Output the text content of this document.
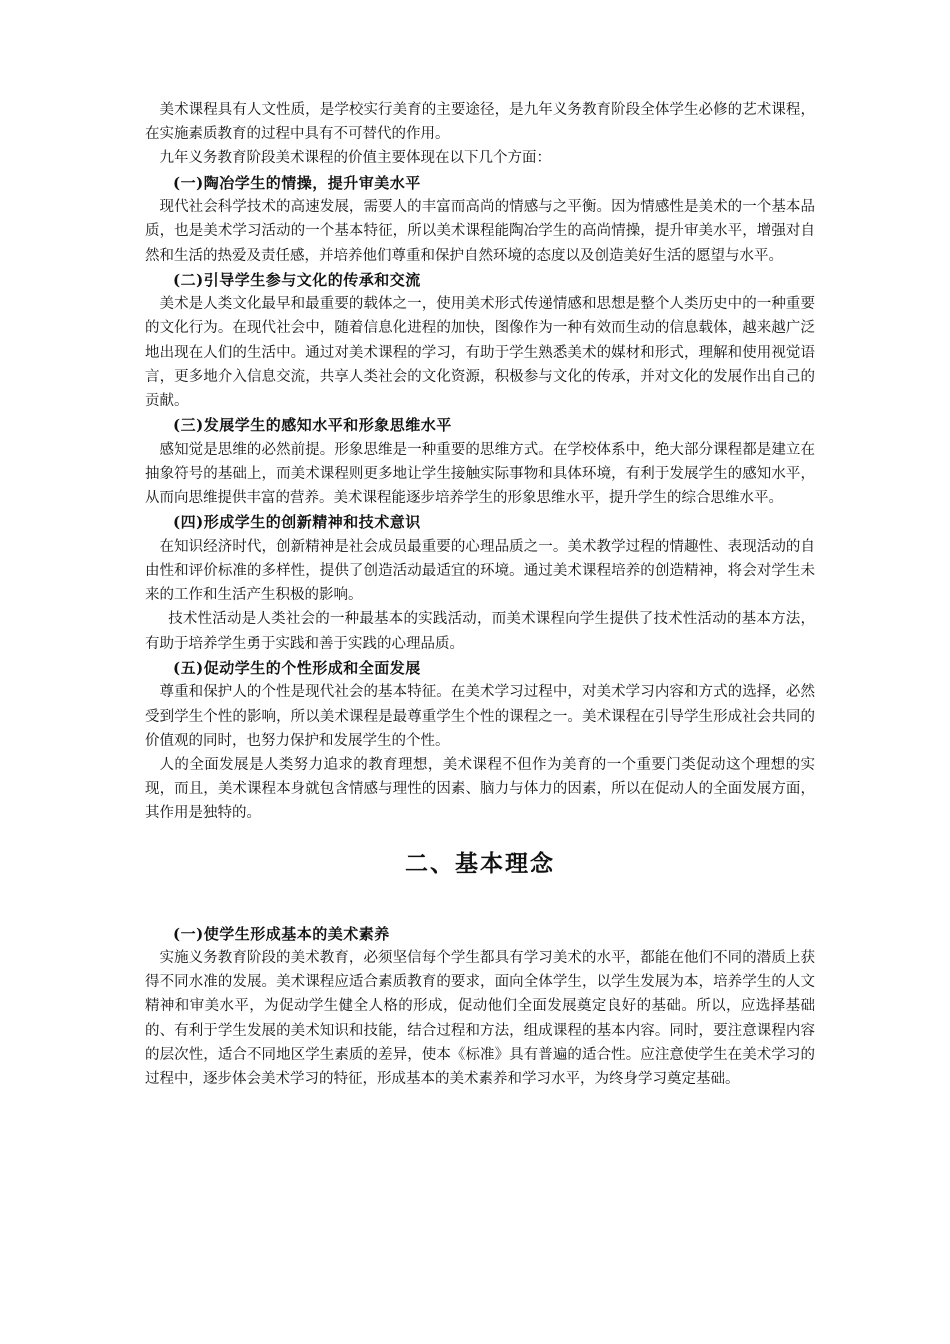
美术课程具有人文性质，是学校实行美育的主要途径，是九年义务教育阶段全体学生必修的艺术课程，在实施素质教育的过程中具有不可替代的作用。

九年义务教育阶段美术课程的价值主要体现在以下几个方面：

(一)陶冶学生的情操，提升审美水平

现代社会科学技术的高速发展，需要人的丰富而高尚的情感与之平衡。因为情感性是美术的一个基本品质，也是美术学习活动的一个基本特征，所以美术课程能陶冶学生的高尚情操，提升审美水平，增强对自然和生活的热爱及责任感，并培养他们尊重和保护自然环境的态度以及创造美好生活的愿望与水平。

(二)引导学生参与文化的传承和交流

美术是人类文化最早和最重要的载体之一，使用美术形式传递情感和思想是整个人类历史中的一种重要的文化行为。在现代社会中，随着信息化进程的加快，图像作为一种有效而生动的信息载体，越来越广泛地出现在人们的生活中。通过对美术课程的学习，有助于学生熟悉美术的媒材和形式，理解和使用视觉语言，更多地介入信息交流，共享人类社会的文化资源，积极参与文化的传承，并对文化的发展作出自己的贡献。

(三)发展学生的感知水平和形象思维水平

感知觉是思维的必然前提。形象思维是一种重要的思维方式。在学校体系中，绝大部分课程都是建立在抽象符号的基础上，而美术课程则更多地让学生接触实际事物和具体环境，有利于发展学生的感知水平，从而向思维提供丰富的营养。美术课程能逐步培养学生的形象思维水平，提升学生的综合思维水平。

(四)形成学生的创新精神和技术意识

在知识经济时代，创新精神是社会成员最重要的心理品质之一。美术教学过程的情趣性、表现活动的自由性和评价标准的多样性，提供了创造活动最适宜的环境。通过美术课程培养的创造精神，将会对学生未来的工作和生活产生积极的影响。

技术性活动是人类社会的一种最基本的实践活动，而美术课程向学生提供了技术性活动的基本方法，有助于培养学生勇于实践和善于实践的心理品质。

(五)促动学生的个性形成和全面发展

尊重和保护人的个性是现代社会的基本特征。在美术学习过程中，对美术学习内容和方式的选择，必然受到学生个性的影响，所以美术课程是最尊重学生个性的课程之一。美术课程在引导学生形成社会共同的价值观的同时，也努力保护和发展学生的个性。

人的全面发展是人类努力追求的教育理想，美术课程不但作为美育的一个重要门类促动这个理想的实现，而且，美术课程本身就包含情感与理性的因素、脑力与体力的因素，所以在促动人的全面发展方面，其作用是独特的。

二、基本理念
(一)使学生形成基本的美术素养

实施义务教育阶段的美术教育，必须坚信每个学生都具有学习美术的水平，都能在他们不同的潜质上获得不同水准的发展。美术课程应适合素质教育的要求，面向全体学生，以学生发展为本，培养学生的人文精神和审美水平，为促动学生健全人格的形成，促动他们全面发展奠定良好的基础。所以，应选择基础的、有利于学生发展的美术知识和技能，结合过程和方法，组成课程的基本内容。同时，要注意课程内容的层次性，适合不同地区学生素质的差异，使本《标准》具有普遍的适合性。应注意使学生在美术学习的过程中，逐步体会美术学习的特征，形成基本的美术素养和学习水平，为终身学习奠定基础。
